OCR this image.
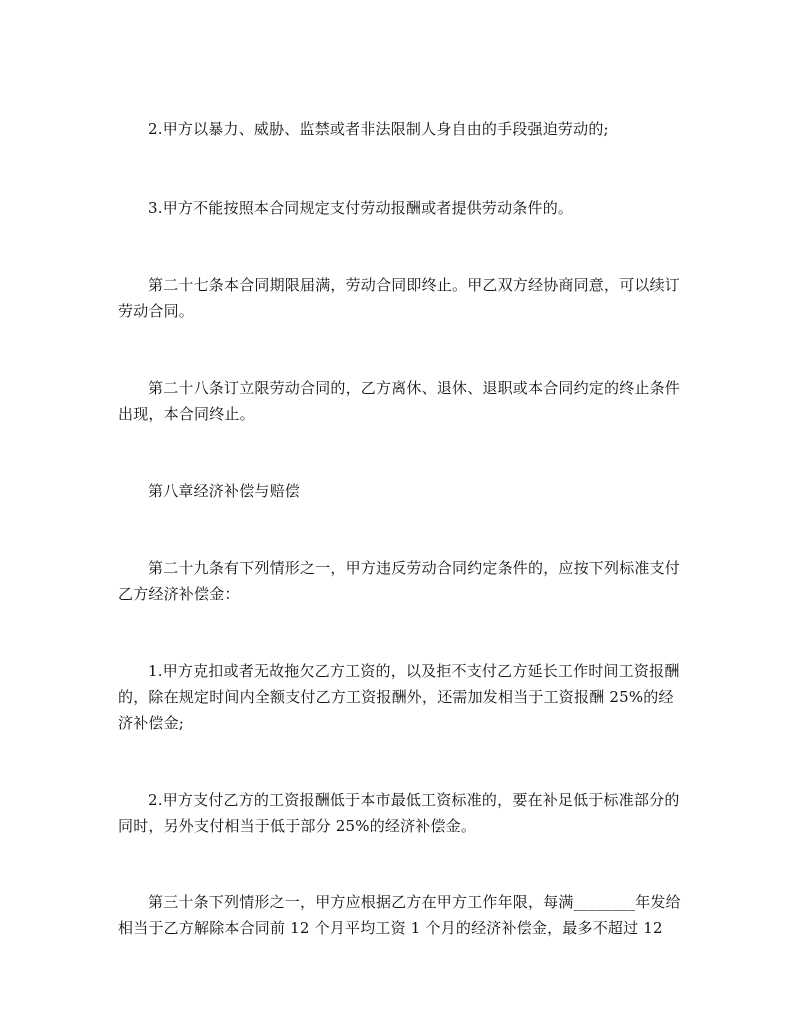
2.甲方以暴力、威胁、监禁或者非法限制人身自由的手段强迫劳动的;

3.甲方不能按照本合同规定支付劳动报酬或者提供劳动条件的。

第二十七条本合同期限届满，劳动合同即终止。甲乙双方经协商同意，可以续订劳动合同。

第二十八条订立限劳动合同的，乙方离休、退休、退职或本合同约定的终止条件出现，本合同终止。

第八章经济补偿与赔偿

第二十九条有下列情形之一，甲方违反劳动合同约定条件的，应按下列标准支付乙方经济补偿金：

1.甲方克扣或者无故拖欠乙方工资的，以及拒不支付乙方延长工作时间工资报酬的，除在规定时间内全额支付乙方工资报酬外，还需加发相当于工资报酬 25%的经济补偿金;

2.甲方支付乙方的工资报酬低于本市最低工资标准的，要在补足低于标准部分的同时，另外支付相当于低于部分 25%的经济补偿金。

第三十条下列情形之一，甲方应根据乙方在甲方工作年限，每满________年发给相当于乙方解除本合同前 12 个月平均工资 1 个月的经济补偿金，最多不超过 12
